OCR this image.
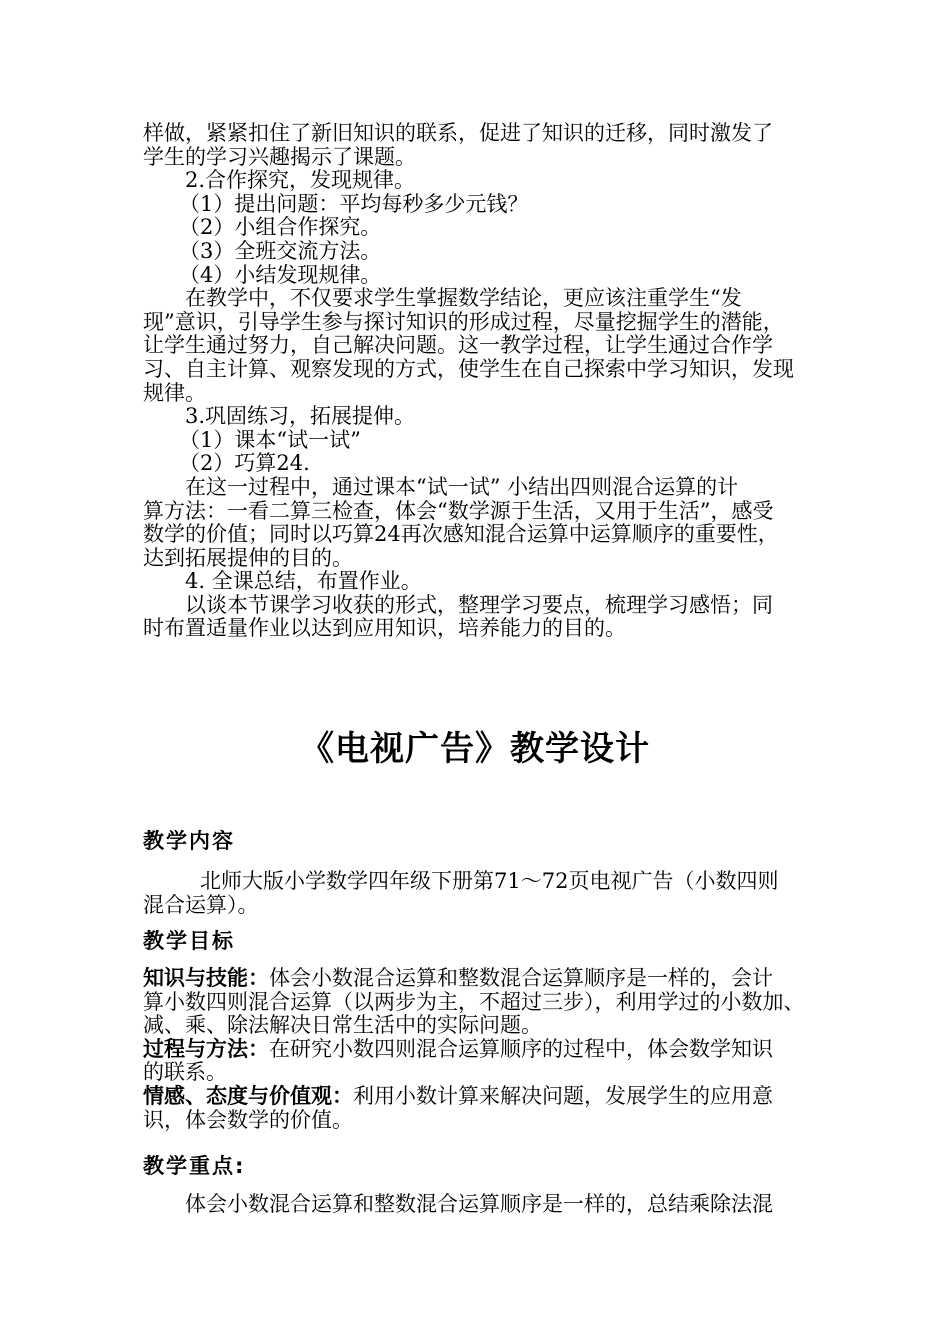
样做，紧紧扣住了新旧知识的联系，促进了知识的迁移，同时激发了
学生的学习兴趣揭示了课题。
2.合作探究，发现规律。
（1）提出问题：平均每秒多少元钱？
（2）小组合作探究。
（3）全班交流方法。
（4）小结发现规律。
在教学中，不仅要求学生掌握数学结论，更应该注重学生“发
现”意识，引导学生参与探讨知识的形成过程，尽量挖掘学生的潜能，
让学生通过努力，自己解决问题。这一教学过程，让学生通过合作学
习、自主计算、观察发现的方式，使学生在自己探索中学习知识，发现
规律。
3.巩固练习，拓展提伸。
（1）课本“试一试”
（2）巧算24.
在这一过程中，通过课本“试一试” 小结出四则混合运算的计
算方法：一看二算三检查，体会“数学源于生活，又用于生活”，感受
数学的价值；同时以巧算24再次感知混合运算中运算顺序的重要性，
达到拓展提伸的目的。
4. 全课总结，布置作业。
以谈本节课学习收获的形式，整理学习要点，梳理学习感悟；同
时布置适量作业以达到应用知识，培养能力的目的。
《电视广告》教学设计
教学内容
北师大版小学数学四年级下册第71～72页电视广告（小数四则
混合运算）。
教学目标
知识与技能：体会小数混合运算和整数混合运算顺序是一样的，会计
算小数四则混合运算（以两步为主，不超过三步），利用学过的小数加、
减、乘、除法解决日常生活中的实际问题。
过程与方法：在研究小数四则混合运算顺序的过程中，体会数学知识
的联系。
情感、态度与价值观：利用小数计算来解决问题，发展学生的应用意
识，体会数学的价值。
教学重点:
体会小数混合运算和整数混合运算顺序是一样的，总结乘除法混
